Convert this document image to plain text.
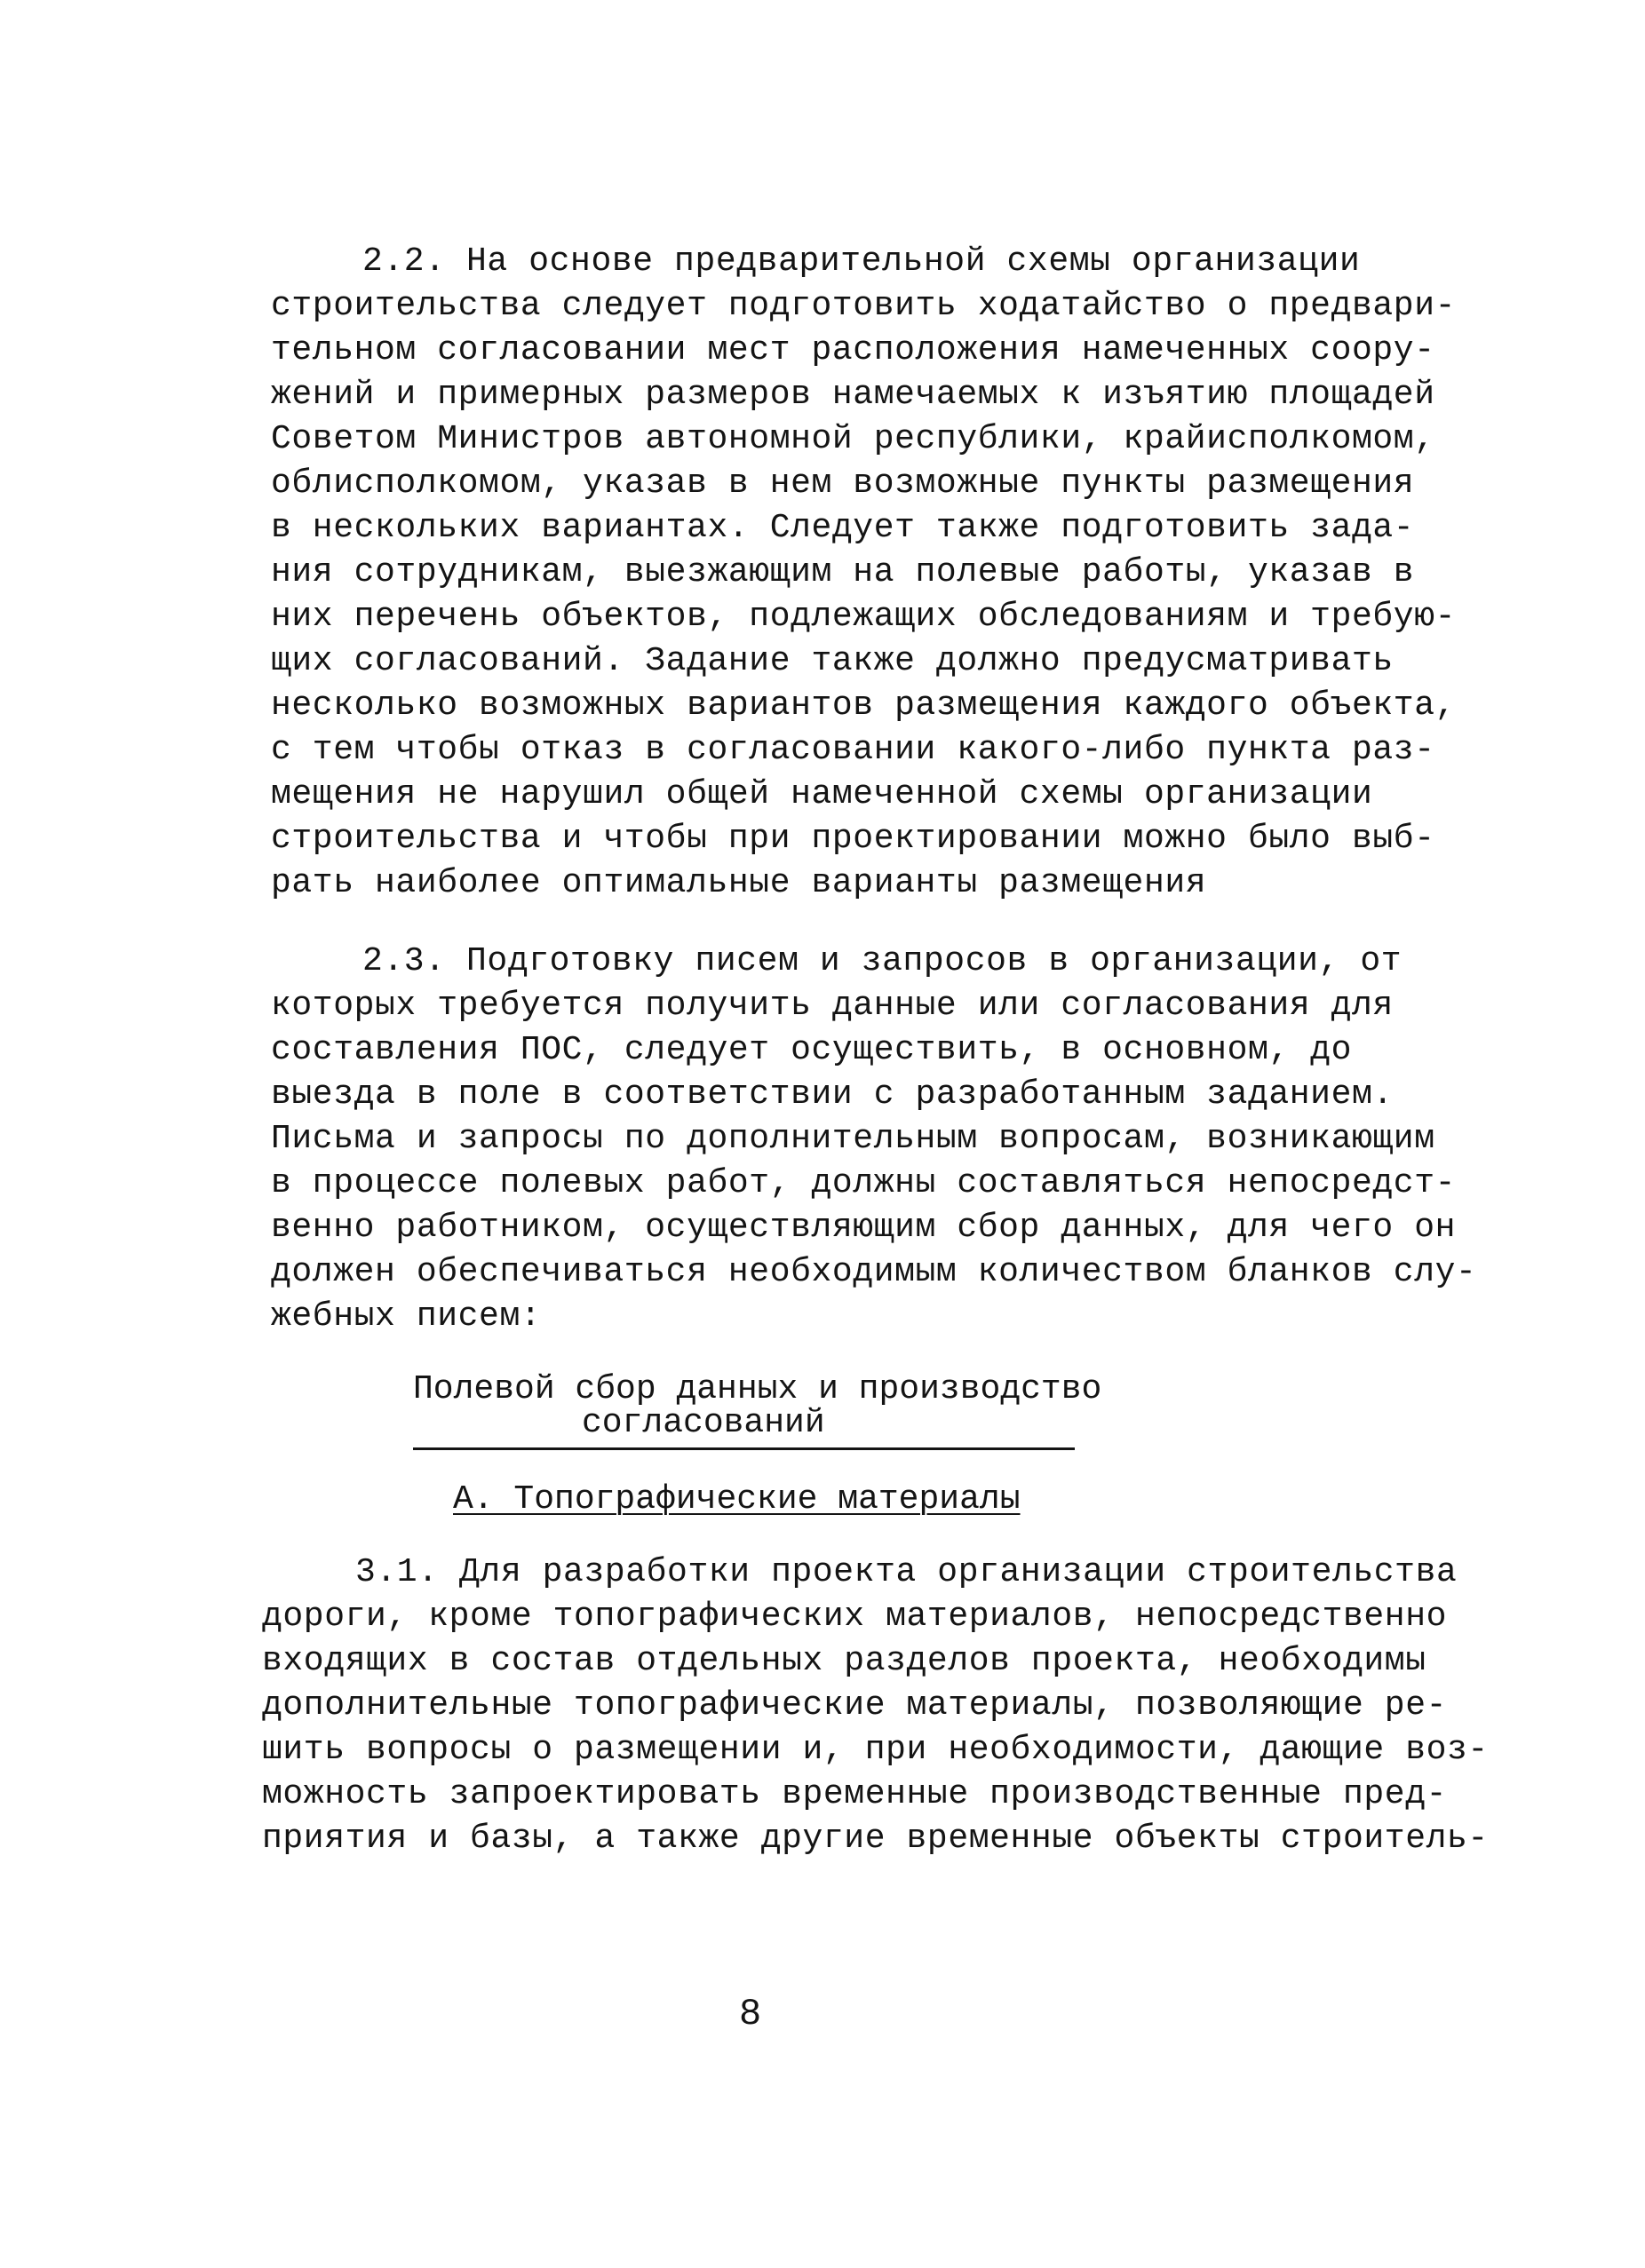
2.2. На основе предварительной схемы организации
строительства следует подготовить ходатайство о предвари-
тельном согласовании мест расположения намеченных соору-
жений и примерных размеров намечаемых к изъятию площадей
Советом Министров автономной республики, крайисполкомом,
облисполкомом, указав в нем возможные пункты размещения
в нескольких вариантах. Следует также подготовить зада-
ния сотрудникам, выезжающим на полевые работы, указав в
них перечень объектов, подлежащих обследованиям и требую-
щих согласований. Задание также должно предусматривать
несколько возможных вариантов размещения каждого объекта,
с тем чтобы отказ в согласовании какого-либо пункта раз-
мещения не нарушил общей намеченной схемы организации
строительства и чтобы при проектировании можно было выб-
рать наиболее оптимальные варианты размещения
2.3. Подготовку писем и запросов в организации, от
которых требуется получить данные или согласования для
составления ПОС, следует осуществить, в основном, до
выезда в поле в соответствии с разработанным заданием.
Письма и запросы по дополнительным вопросам, возникающим
в процессе полевых работ, должны составляться непосредст-
венно работником, осуществляющим сбор данных, для чего он
должен обеспечиваться необходимым количеством бланков слу-
жебных писем:
Полевой сбор данных и производство
согласований
А. Топографические материалы
3.1. Для разработки проекта организации строительства
дороги, кроме топографических материалов, непосредственно
входящих в состав отдельных разделов проекта, необходимы
дополнительные топографические материалы, позволяющие ре-
шить вопросы о размещении и, при необходимости, дающие воз-
можность запроектировать временные производственные пред-
приятия и базы, а также другие временные объекты строитель-
8
